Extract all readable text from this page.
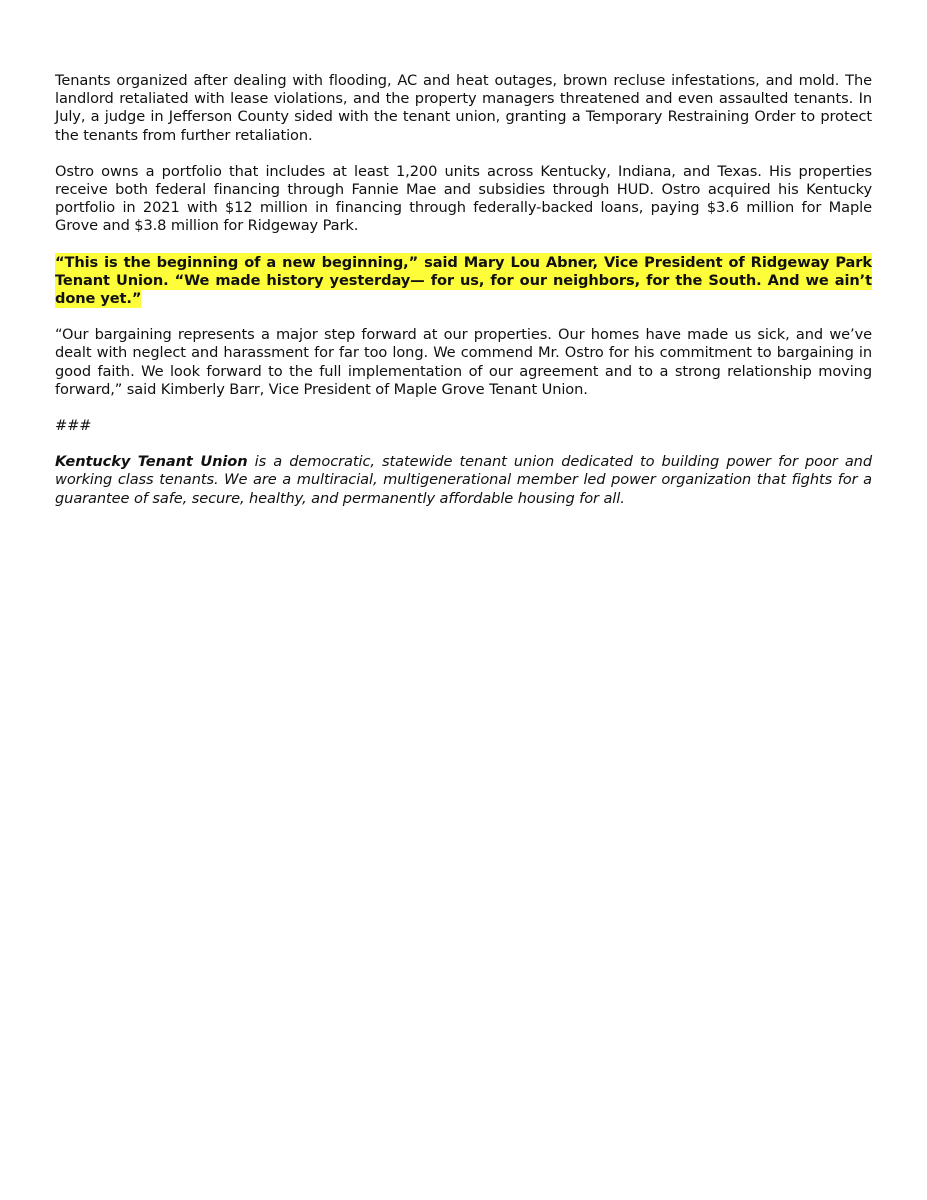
Tenants organized after dealing with flooding, AC and heat outages, brown recluse infestations, and mold. The landlord retaliated with lease violations, and the property managers threatened and even assaulted tenants. In July, a judge in Jefferson County sided with the tenant union, granting a Temporary Restraining Order to protect the tenants from further retaliation.

Ostro owns a portfolio that includes at least 1,200 units across Kentucky, Indiana, and Texas. His properties receive both federal financing through Fannie Mae and subsidies through HUD. Ostro acquired his Kentucky portfolio in 2021 with $12 million in financing through federally-backed loans, paying $3.6 million for Maple Grove and $3.8 million for Ridgeway Park.

“This is the beginning of a new beginning,” said Mary Lou Abner, Vice President of Ridgeway Park Tenant Union. “We made history yesterday— for us, for our neighbors, for the South. And we ain’t done yet.”

“Our bargaining represents a major step forward at our properties. Our homes have made us sick, and we’ve dealt with neglect and harassment for far too long. We commend Mr. Ostro for his commitment to bargaining in good faith. We look forward to the full implementation of our agreement and to a strong relationship moving forward,” said Kimberly Barr, Vice President of Maple Grove Tenant Union.

###

Kentucky Tenant Union is a democratic, statewide tenant union dedicated to building power for poor and working class tenants. We are a multiracial, multigenerational member led power organization that fights for a guarantee of safe, secure, healthy, and permanently affordable housing for all.
